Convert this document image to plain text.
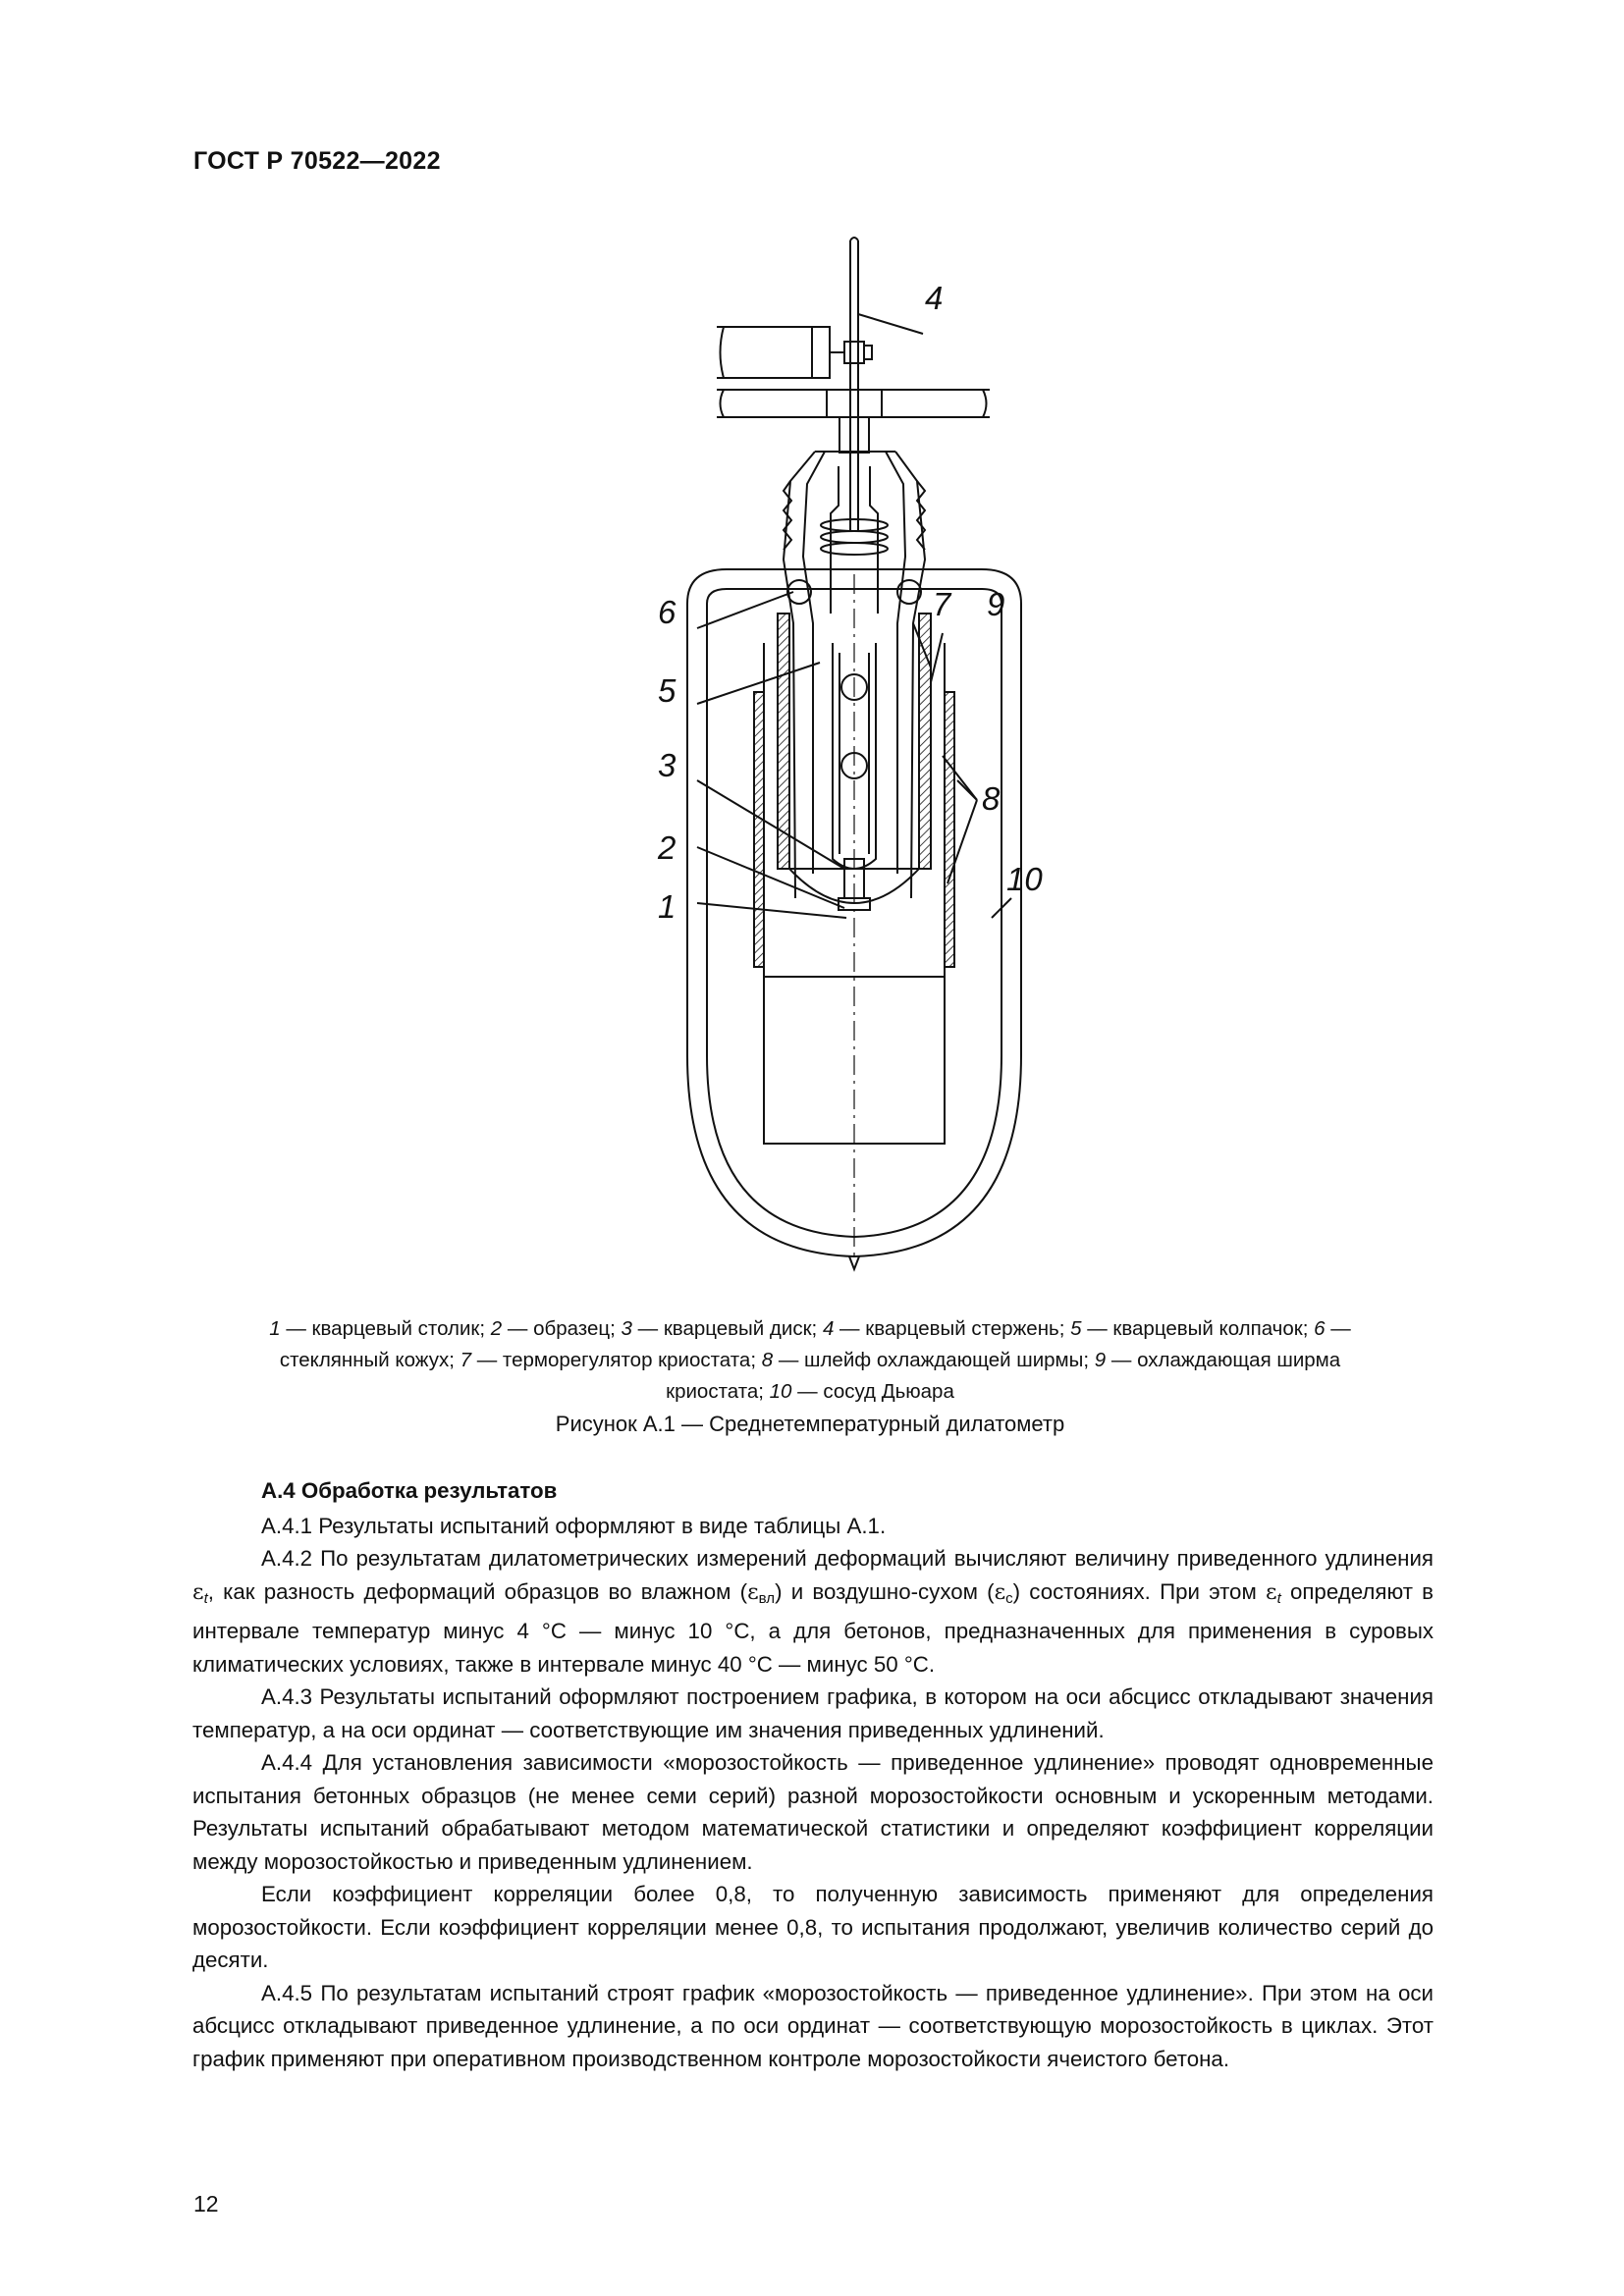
ГОСТ Р 70522—2022
4
6	7 9
5
3
8
2
1
10
1 — кварцевый столик; 2 — образец; 3 — кварцевый диск; 4 — кварцевый стержень; 5 — кварцевый колпачок; 6 — стеклянный кожух; 7 — терморегулятор криостата; 8 — шлейф охлаждающей ширмы; 9 — охлаждающая ширма криостата; 10 — сосуд Дьюара
Рисунок А.1 — Среднетемпературный дилатометр
А.4 Обработка результатов

А.4.1 Результаты испытаний оформляют в виде таблицы А.1.

А.4.2 По результатам дилатометрических измерений деформаций вычисляют величину приведенного удлинения $\varepsilon_t$, как разность деформаций образцов во влажном $(\varepsilon_{вл})$ и воздушно-сухом $(\varepsilon_с)$ состояниях. При этом $\varepsilon_t$ определяют в интервале температур минус 4 °С — минус 10 °С, а для бетонов, предназначенных для применения в суровых климатических условиях, также в интервале минус 40 °С — минус 50 °С.

А.4.3 Результаты испытаний оформляют построением графика, в котором на оси абсцисс откладывают значения температур, а на оси ординат — соответствующие им значения приведенных удлинений.

А.4.4 Для установления зависимости «морозостойкость — приведенное удлинение» проводят одновременные испытания бетонных образцов (не менее семи серий) разной морозостойкости основным и ускоренным методами. Результаты испытаний обрабатывают методом математической статистики и определяют коэффициент корреляции между морозостойкостью и приведенным удлинением.

Если коэффициент корреляции более 0,8, то полученную зависимость применяют для определения морозостойкости. Если коэффициент корреляции менее 0,8, то испытания продолжают, увеличив количество серий до десяти.

А.4.5 По результатам испытаний строят график «морозостойкость — приведенное удлинение». При этом на оси абсцисс откладывают приведенное удлинение, а по оси ординат — соответствующую морозостойкость в циклах. Этот график применяют при оперативном производственном контроле морозостойкости ячеистого бетона.

12
